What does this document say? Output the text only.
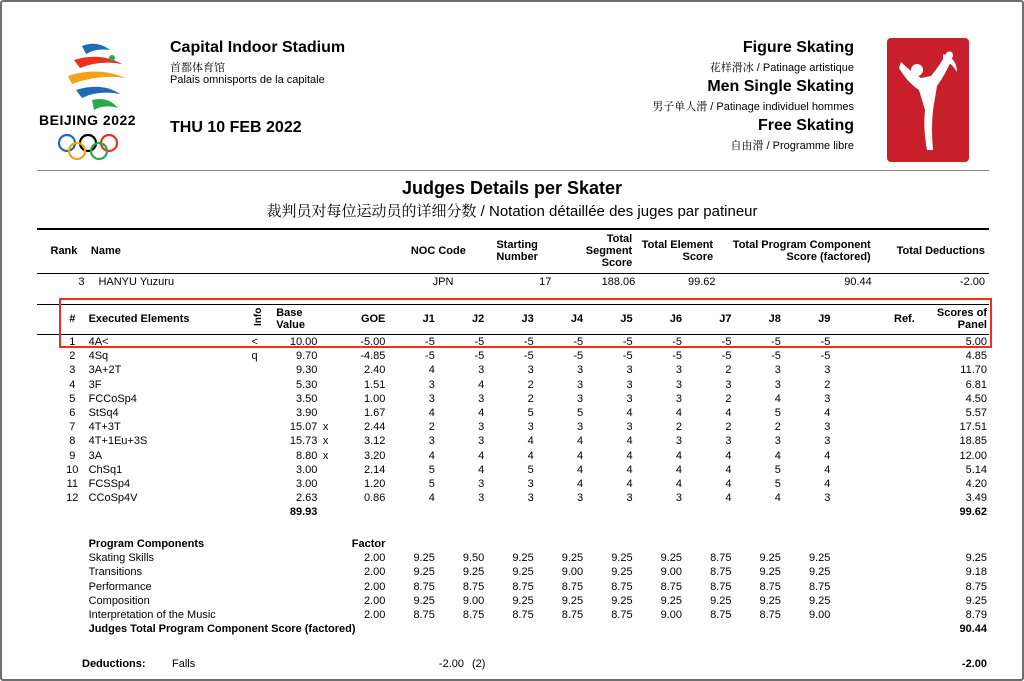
BEIJING 2022
Capital Indoor Stadium
首都体育馆
Palais omnisports de la capitale
THU 10 FEB 2022
Figure Skating
花样滑冰 / Patinage artistique
Men Single Skating
男子单人滑 / Patinage individuel hommes
Free Skating
自由滑 / Programme libre
Judges Details per Skater
裁判员对每位运动员的详细分数 / Notation détaillée des juges par patineur
Rank	Name	NOC Code	Starting Number	Total Segment Score	Total Element Score	Total Program Component Score (factored)	Total Deductions
3	HANYU Yuzuru	JPN	17	188.06	99.62	90.44	-2.00
#	Executed Elements	Info	Base Value		GOE	J1	J2	J3	J4	J5	J6	J7	J8	J9	Ref.	Scores of Panel
1	4A<	<	10.00		-5.00	-5	-5	-5	-5	-5	-5	-5	-5	-5		5.00
2	4Sq	q	9.70		-4.85	-5	-5	-5	-5	-5	-5	-5	-5	-5		4.85
3	3A+2T		9.30		2.40	4	3	3	3	3	3	2	3	3		11.70
4	3F		5.30		1.51	3	4	2	3	3	3	3	3	2		6.81
5	FCCoSp4		3.50		1.00	3	3	2	3	3	3	2	4	3		4.50
6	StSq4		3.90		1.67	4	4	5	5	4	4	4	5	4		5.57
7	4T+3T		15.07	x	2.44	2	3	3	3	3	2	2	2	3		17.51
8	4T+1Eu+3S		15.73	x	3.12	3	3	4	4	4	3	3	3	3		18.85
9	3A		8.80	x	3.20	4	4	4	4	4	4	4	4	4		12.00
10	ChSq1		3.00		2.14	5	4	5	4	4	4	4	5	4		5.14
11	FCSSp4		3.00		1.20	5	3	3	4	4	4	4	5	4		4.20
12	CCoSp4V		2.63		0.86	4	3	3	3	3	3	4	4	3		3.49
			89.93													99.62
	Program Components	Factor											
	Skating Skills	2.00	9.25	9.50	9.25	9.25	9.25	9.25	8.75	9.25	9.25		9.25
	Transitions	2.00	9.25	9.25	9.25	9.00	9.25	9.00	8.75	9.25	9.25		9.18
	Performance	2.00	8.75	8.75	8.75	8.75	8.75	8.75	8.75	8.75	8.75		8.75
	Composition	2.00	9.25	9.00	9.25	9.25	9.25	9.25	9.25	9.25	9.25		9.25
	Interpretation of the Music	2.00	8.75	8.75	8.75	8.75	8.75	9.00	8.75	8.75	9.00		8.79
	Judges Total Program Component Score (factored)												90.44
Deductions:	Falls	-2.00	(2)	-2.00
